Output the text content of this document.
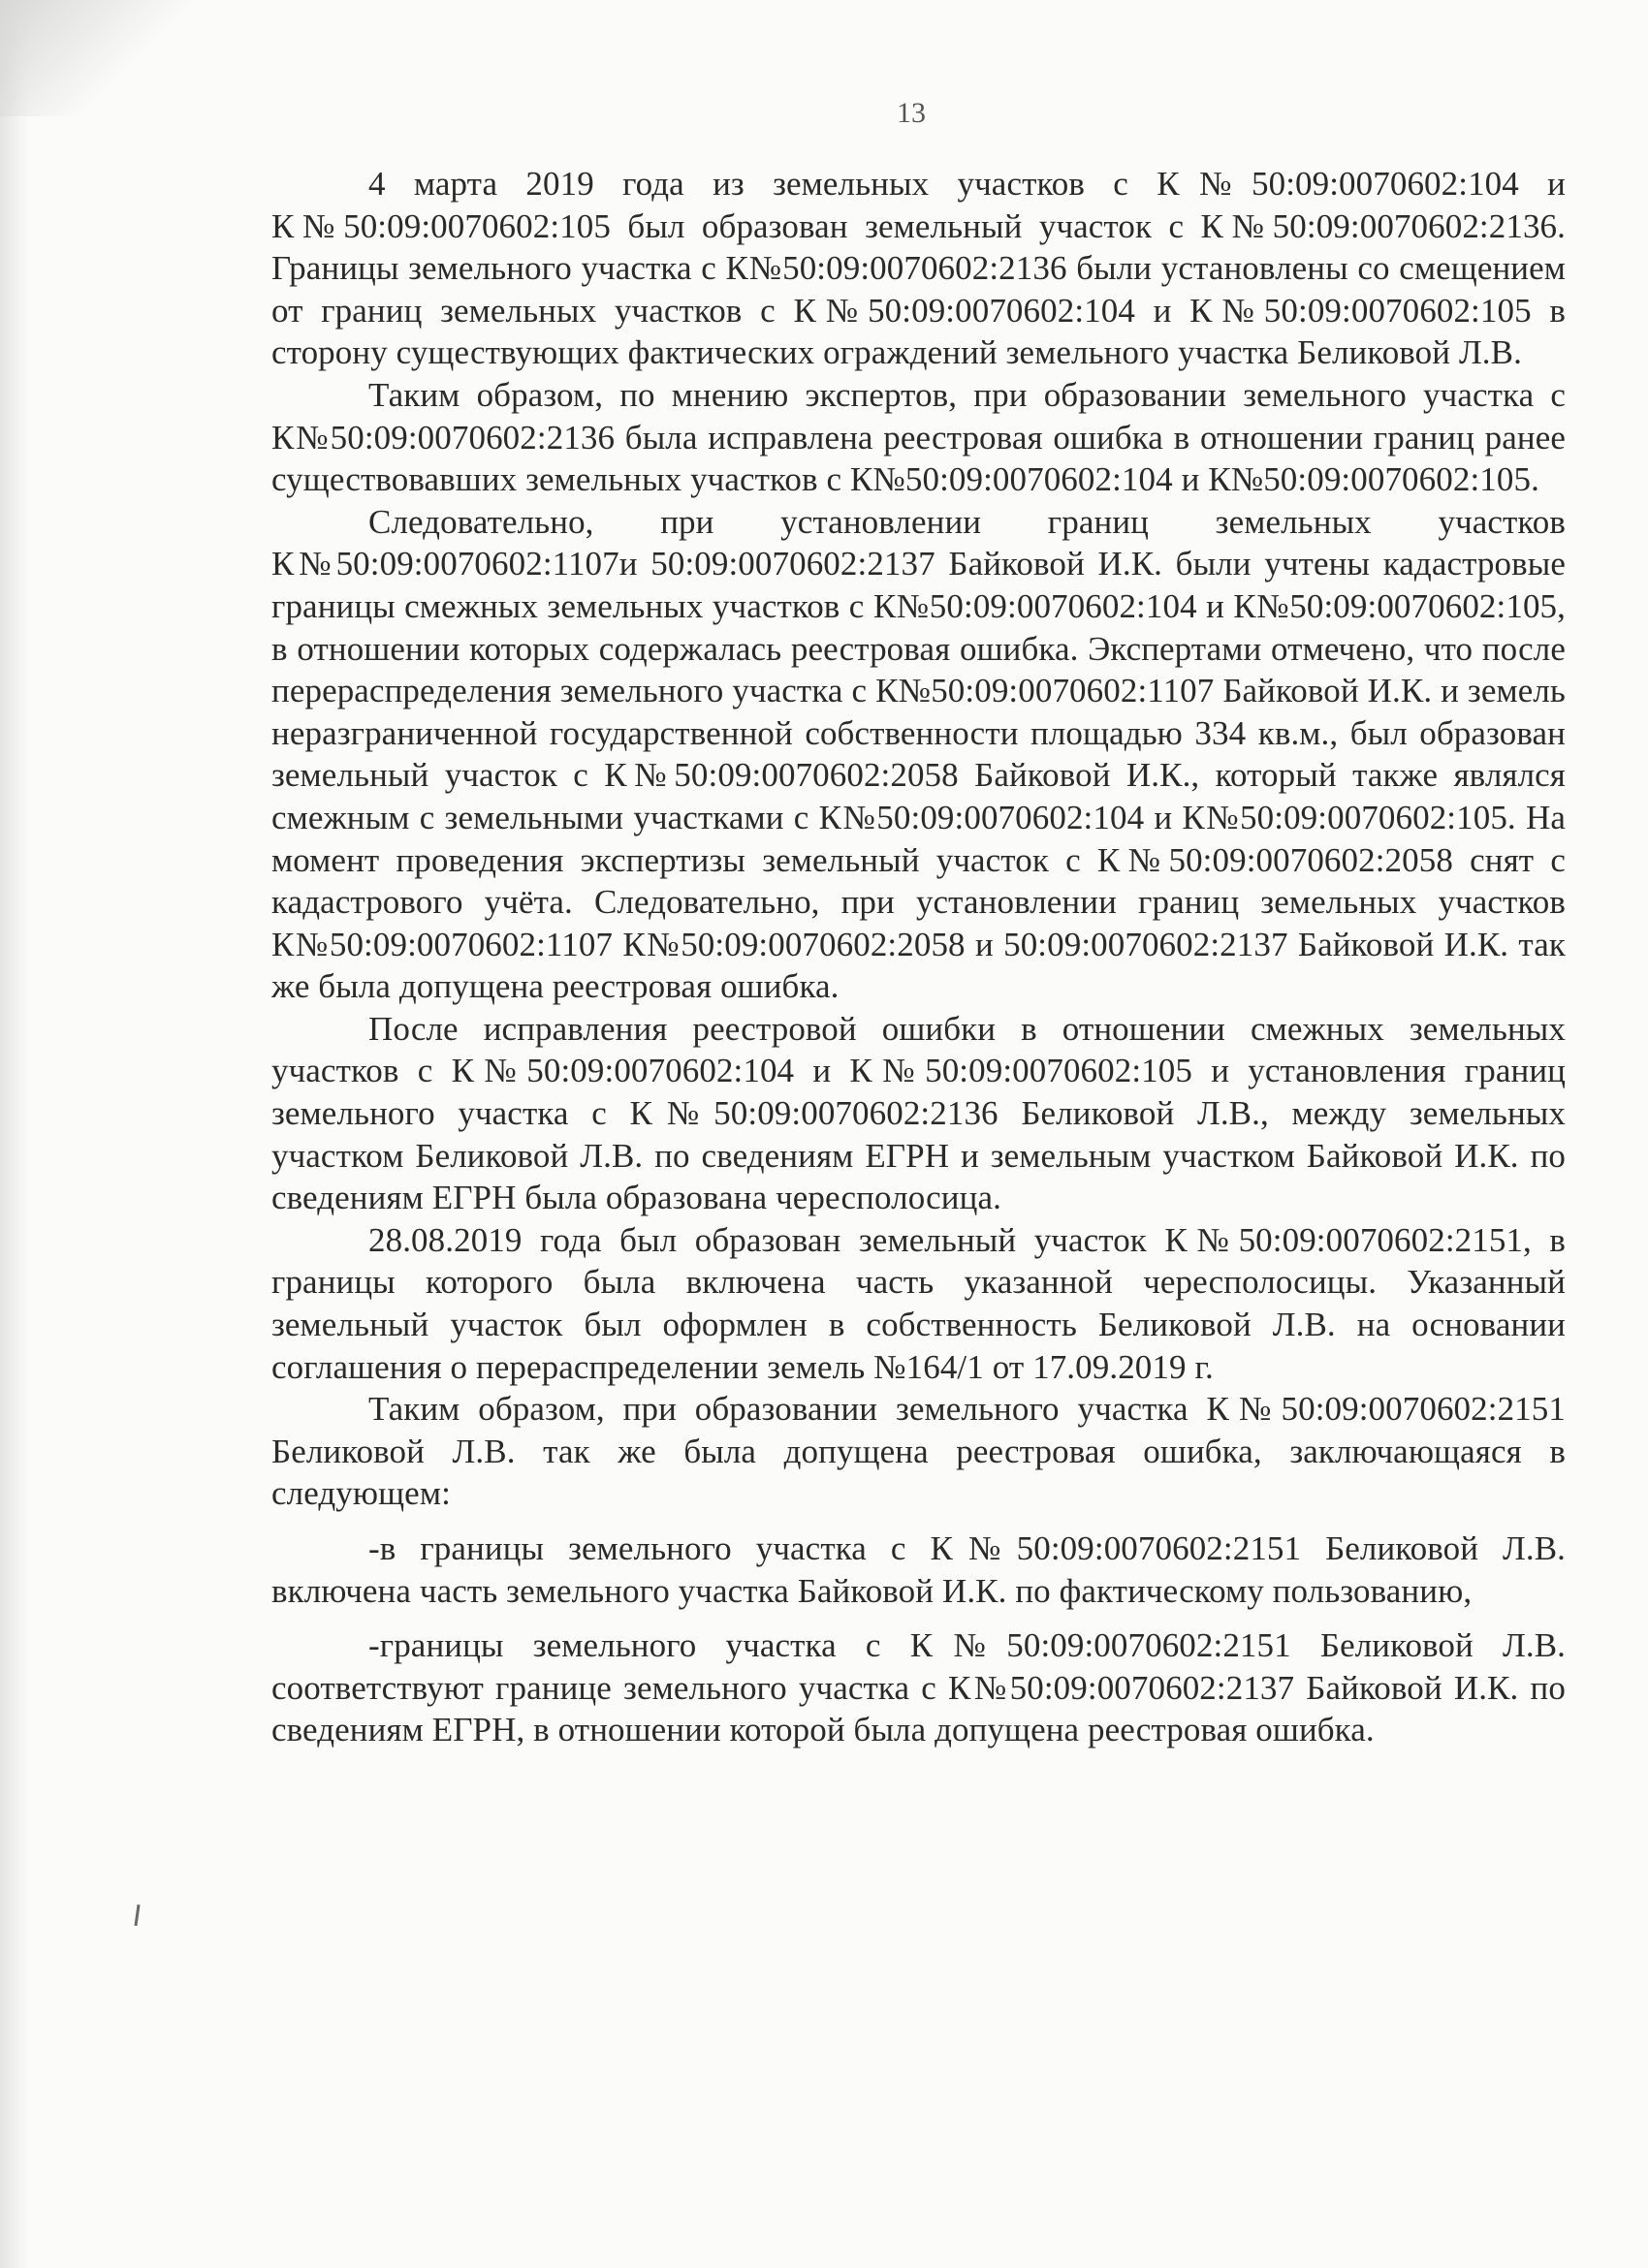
13

4 марта 2019 года из земельных участков с К№50:09:0070602:104 и К№50:09:0070602:105 был образован земельный участок с К№50:09:0070602:2136. Границы земельного участка с К№50:09:0070602:2136 были установлены со смещением от границ земельных участков с К№50:09:0070602:104 и К№50:09:0070602:105 в сторону существующих фактических ограждений земельного участка Беликовой Л.В.

Таким образом, по мнению экспертов, при образовании земельного участка с К№50:09:0070602:2136 была исправлена реестровая ошибка в отношении границ ранее существовавших земельных участков с К№50:09:0070602:104 и К№50:09:0070602:105.

Следовательно, при установлении границ земельных участков К№50:09:0070602:1107и 50:09:0070602:2137 Байковой И.К. были учтены кадастровые границы смежных земельных участков с К№50:09:0070602:104 и К№50:09:0070602:105, в отношении которых содержалась реестровая ошибка. Экспертами отмечено, что после перераспределения земельного участка с К№50:09:0070602:1107 Байковой И.К. и земель неразграниченной государственной собственности площадью 334 кв.м., был образован земельный участок с К№50:09:0070602:2058 Байковой И.К., который также являлся смежным с земельными участками с К№50:09:0070602:104 и К№50:09:0070602:105. На момент проведения экспертизы земельный участок с К№50:09:0070602:2058 снят с кадастрового учёта. Следовательно, при установлении границ земельных участков К№50:09:0070602:1107 К№50:09:0070602:2058 и 50:09:0070602:2137 Байковой И.К. так же была допущена реестровая ошибка.

После исправления реестровой ошибки в отношении смежных земельных участков с К№50:09:0070602:104 и К№50:09:0070602:105 и установления границ земельного участка с К№50:09:0070602:2136 Беликовой Л.В., между земельных участком Беликовой Л.В. по сведениям ЕГРН и земельным участком Байковой И.К. по сведениям ЕГРН была образована чересполосица.

28.08.2019 года был образован земельный участок К№50:09:0070602:2151, в границы которого была включена часть указанной чересполосицы. Указанный земельный участок был оформлен в собственность Беликовой Л.В. на основании соглашения о перераспределении земель №164/1 от 17.09.2019 г.

Таким образом, при образовании земельного участка К№50:09:0070602:2151 Беликовой Л.В. так же была допущена реестровая ошибка, заключающаяся в следующем:

-в границы земельного участка с К№50:09:0070602:2151 Беликовой Л.В. включена часть земельного участка Байковой И.К. по фактическому пользованию,

-границы земельного участка с К№50:09:0070602:2151 Беликовой Л.В. соответствуют границе земельного участка с К№50:09:0070602:2137 Байковой И.К. по сведениям ЕГРН, в отношении которой была допущена реестровая ошибка.
